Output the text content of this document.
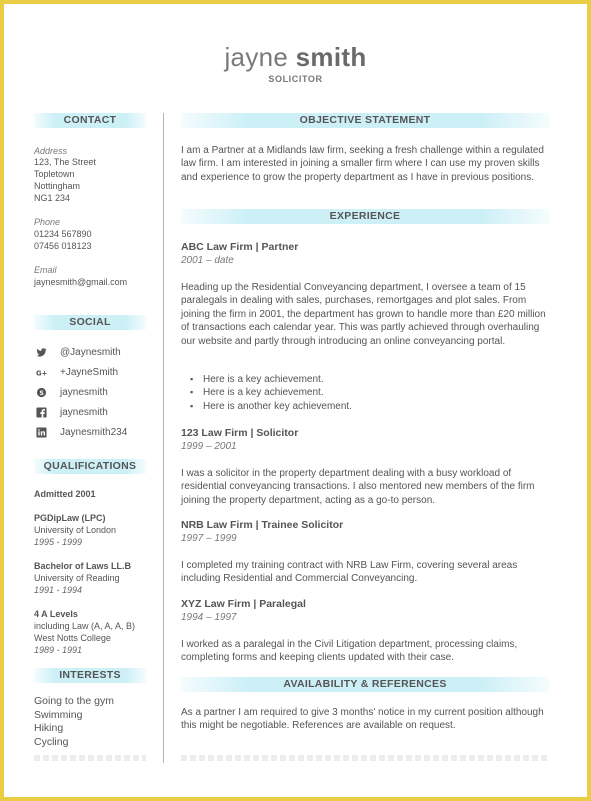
jayne smith
SOLICITOR
CONTACT
Address
123, The Street
Topletown
Nottingham
NG1 234
Phone
01234 567890
07456 018123
Email
jaynesmith@gmail.com
SOCIAL
@Jaynesmith
G+ +JayneSmith
S jaynesmith
jaynesmith
Jaynesmith234
QUALIFICATIONS
Admitted 2001
PGDipLaw (LPC)
University of London
1995 - 1999
Bachelor of Laws LL.B
University of Reading
1991 - 1994
4 A Levels
including Law (A, A, A, B)
West Notts College
1989 - 1991
INTERESTS
Going to the gym
Swimming
Hiking
Cycling
OBJECTIVE STATEMENT

I am a Partner at a Midlands law firm, seeking a fresh challenge within a regulated law firm. I am interested in joining a smaller firm where I can use my proven skills and experience to grow the property department as I have in previous positions.

EXPERIENCE
ABC Law Firm | Partner
2001 – date

Heading up the Residential Conveyancing department, I oversee a team of 15 paralegals in dealing with sales, purchases, remortgages and plot sales. From joining the firm in 2001, the department has grown to handle more than £20 million of transactions each calendar year. This was partly achieved through overhauling our website and partly through introducing an online conveyancing portal.

▪ Here is a key achievement.
▪ Here is a key achievement.
▪ Here is another key achievement.
123 Law Firm | Solicitor
1999 – 2001

I was a solicitor in the property department dealing with a busy workload of residential conveyancing transactions. I also mentored new members of the firm joining the property department, acting as a go-to person.

NRB Law Firm | Trainee Solicitor
1997 – 1999

I completed my training contract with NRB Law Firm, covering several areas including Residential and Commercial Conveyancing.

XYZ Law Firm | Paralegal
1994 – 1997

I worked as a paralegal in the Civil Litigation department, processing claims, completing forms and keeping clients updated with their case.

AVAILABILITY & REFERENCES

As a partner I am required to give 3 months' notice in my current position although this might be negotiable. References are available on request.
